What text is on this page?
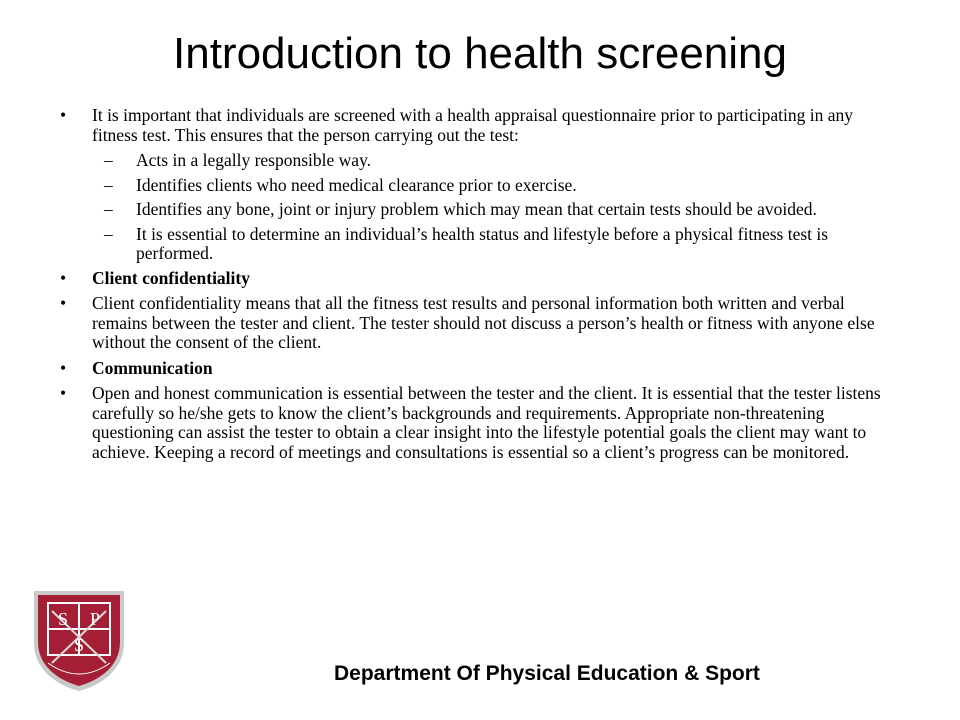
Introduction to health screening
• It is important that individuals are screened with a health appraisal questionnaire prior to participating in any fitness test. This ensures that the person carrying out the test:
– Acts in a legally responsible way.
– Identifies clients who need medical clearance prior to exercise.
– Identifies any bone, joint or injury problem which may mean that certain tests should be avoided.
– It is essential to determine an individual’s health status and lifestyle before a physical fitness test is performed.
• Client confidentiality
• Client confidentiality means that all the fitness test results and personal information both written and verbal remains between the tester and client. The tester should not discuss a person’s health or fitness with anyone else without the consent of the client.
• Communication
• Open and honest communication is essential between the tester and the client. It is essential that the tester listens carefully so he/she gets to know the client’s backgrounds and requirements. Appropriate non-threatening questioning can assist the tester to obtain a clear insight into the lifestyle potential goals the client may want to achieve. Keeping a record of meetings and consultations is essential so a client’s progress can be monitored.
S P
S
Department Of Physical Education & Sport
